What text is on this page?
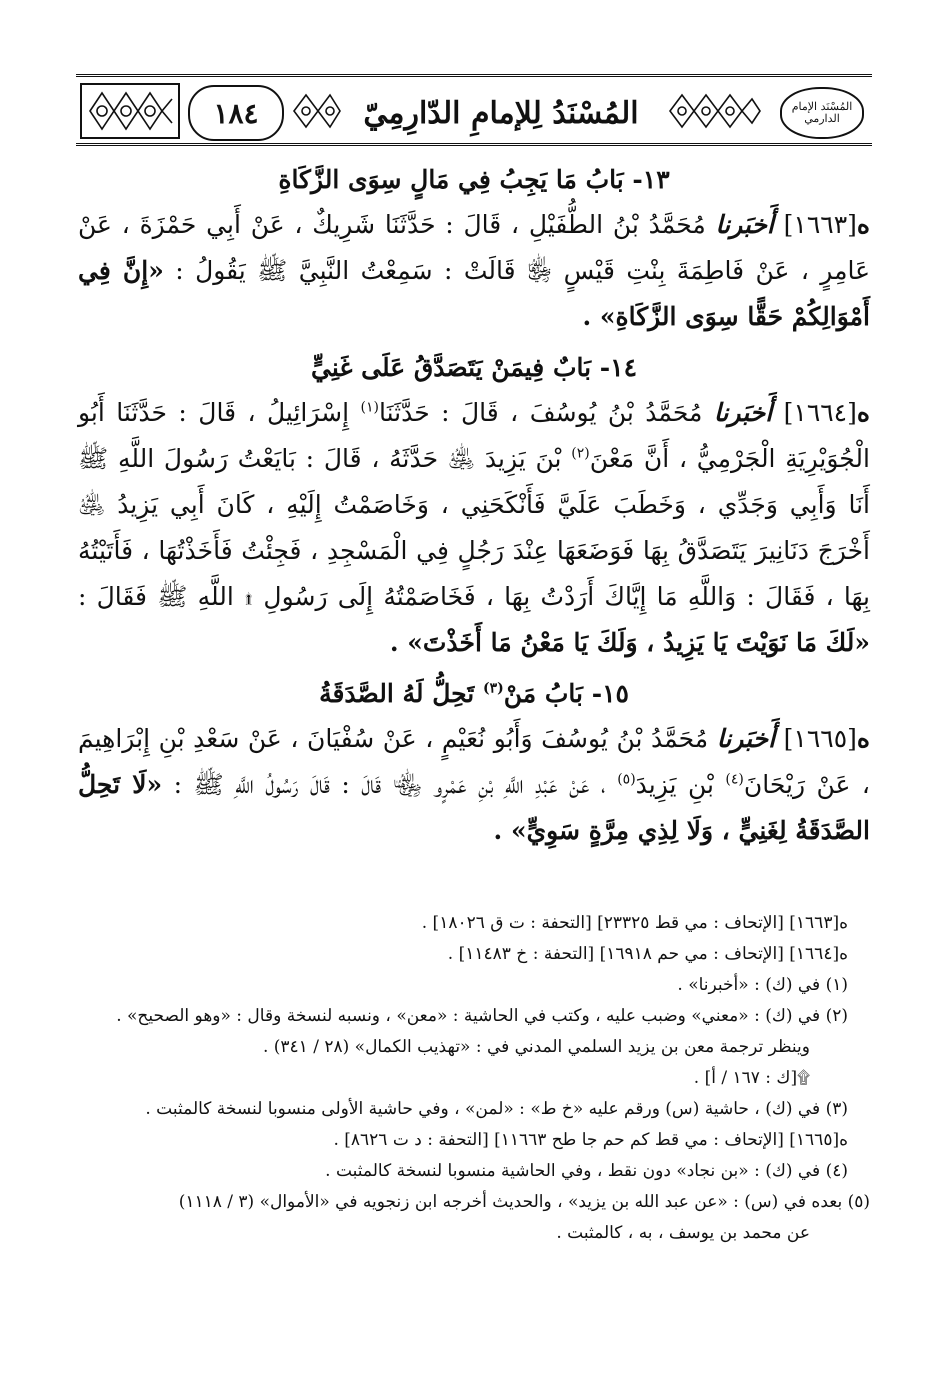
١٨٤	المُسْنَدُ لِلإمامِ الدّارِمِيّ	المُسْنَد الإمام الدارمي
١٣- بَابُ مَا يَجِبُ فِي مَالٍ سِوَى الزَّكَاةِ

ه[١٦٦٣] أَخبَرنا مُحَمَّدُ بْنُ الطُّفَيْلِ ، قَالَ : حَدَّثَنَا شَرِيكٌ ، عَنْ أَبِي حَمْزَةَ ، عَنْ عَامِرٍ ، عَنْ فَاطِمَةَ بِنْتِ قَيْسٍ ﵂ قَالَتْ : سَمِعْتُ النَّبِيَّ ﷺ يَقُولُ : «إِنَّ فِي أَمْوَالِكُمْ حَقًّا سِوَى الزَّكَاةِ» .

١٤- بَابٌ فِيمَنْ يَتَصَدَّقُ عَلَى غَنِيٍّ

ه[١٦٦٤] أَخبَرنا مُحَمَّدُ بْنُ يُوسُفَ ، قَالَ : حَدَّثَنَا$^{(١)}$ إِسْرَائِيلُ ، قَالَ : حَدَّثَنَا أَبُو الْجُوَيْرِيَةِ الْجَرْمِيُّ ، أَنَّ مَعْنَ$^{(٢)}$ بْنَ يَزِيدَ ﵁ حَدَّثَهُ ، قَالَ : بَايَعْتُ رَسُولَ اللَّهِ ﷺ أَنَا وَأَبِي وَجَدِّي ، وَخَطَبَ عَلَيَّ فَأَنْكَحَنِي ، وَخَاصَمْتُ إِلَيْهِ ، كَانَ أَبِي يَزِيدُ ﵁ أَخْرَجَ دَنَانِيرَ يَتَصَدَّقُ بِهَا فَوَضَعَهَا عِنْدَ رَجُلٍ فِي الْمَسْجِدِ ، فَجِئْتُ فَأَخَذْتُهَا ، فَأَتَيْتُهُ بِهَا ، فَقَالَ : وَاللَّهِ مَا إِيَّاكَ أَرَدْتُ بِهَا ، فَخَاصَمْتُهُ إِلَى رَسُولِ ۩ اللَّهِ ﷺ فَقَالَ : «لَكَ مَا نَوَيْتَ يَا يَزِيدُ ، وَلَكَ يَا مَعْنُ مَا أَخَذْتَ» .

١٥- بَابُ مَنْ$^{(٣)}$ تَحِلُّ لَهُ الصَّدَقَةُ

ه[١٦٦٥] أَخبَرنا مُحَمَّدُ بْنُ يُوسُفَ وَأَبُو نُعَيْمٍ ، عَنْ سُفْيَانَ ، عَنْ سَعْدِ بْنِ إِبْرَاهِيمَ ، عَنْ رَيْحَانَ$^{(٤)}$ بْنِ يَزِيدَ$^{(٥)}$ ، عَنْ عَبْدِ اللَّهِ بْنِ عَمْرٍو ﵄ قَالَ : قَالَ رَسُولُ اللَّهِ ﷺ : «لَا تَحِلُّ الصَّدَقَةُ لِغَنِيٍّ ، وَلَا لِذِي مِرَّةٍ سَوِيٍّ» .

ه[١٦٦٣] [الإتحاف : مي قط ٢٣٣٢٥] [التحفة : ت ق ١٨٠٢٦] .

ه[١٦٦٤] [الإتحاف : مي حم ١٦٩١٨] [التحفة : خ ١١٤٨٣] .

(١) في (ك) : «أخبرنا» .

(٢) في (ك) : «معني» وضبب عليه ، وكتب في الحاشية : «معن» ، ونسبه لنسخة وقال : «وهو الصحيح» .

وينظر ترجمة معن بن يزيد السلمي المدني في : «تهذيب الكمال» (٢٨ / ٣٤١) .

۩[ك : ١٦٧ / أ] .

(٣) في (ك) ، حاشية (س) ورقم عليه «خ ط» : «لمن» ، وفي حاشية الأولى منسوبا لنسخة كالمثبت .

ه[١٦٦٥] [الإتحاف : مي قط كم حم جا طح ١١٦٦٣] [التحفة : د ت ٨٦٢٦] .

(٤) في (ك) : «بن نجاد» دون نقط ، وفي الحاشية منسوبا لنسخة كالمثبت .

(٥) بعده في (س) : «عن عبد الله بن يزيد» ، والحديث أخرجه ابن زنجويه في «الأموال» (٣ / ١١١٨)

عن محمد بن يوسف ، به ، كالمثبت .
